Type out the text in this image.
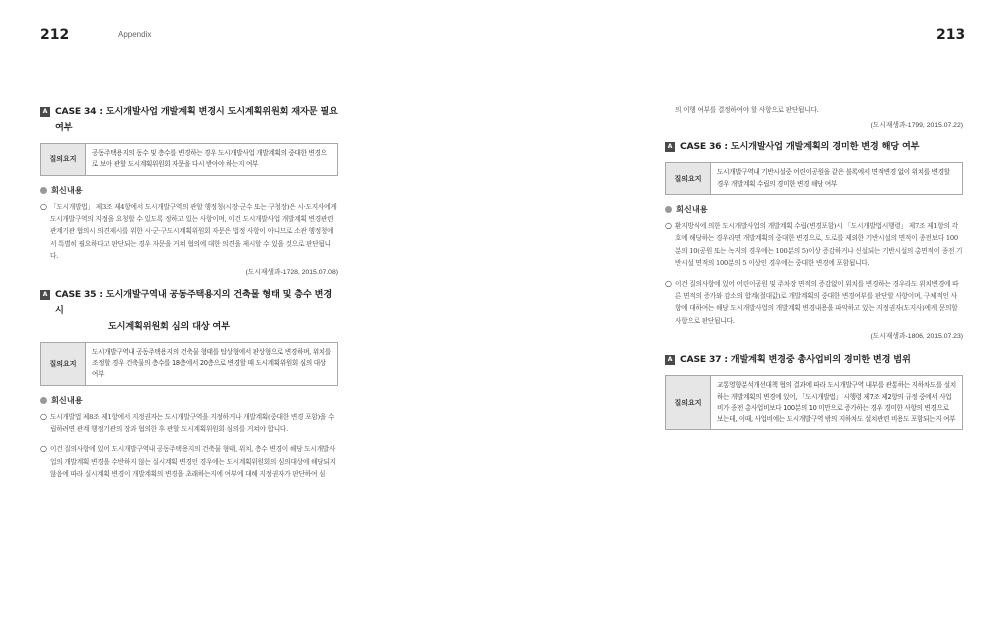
212	Appendix	213
A CASE 34 : 도시개발사업 개발계획 변경시 도시계획위원회 재자문 필요 여부
질의요지
공동주택용지의 동수 및 층수를 변경하는 경우 도시개발사업 개발계획의 중대한 변경으로 보아 관할 도시계획위원회 자문을 다시 받아야 하는지 여부
회신내용
○ 「도시개발법」 제3조 제4항에서 도시개발구역의 관할 행정청(시장·군수 또는 구청장)은 시·도지사에게 도시개발구역의 지정을 요청할 수 있도록 정하고 있는 사항이며, 이건 도시개발사업 개발계획 변경관련 관계기관 협의시 의견제시를 위한 시·군·구도시계획위원회 자문은 법정 사항이 아니므로 소관 행정청에서 특별히 필요하다고 판단되는 경우 자문을 거쳐 협의에 대한 의견을 제시할 수 있을 것으로 판단됩니다.
(도시재생과-1728, 2015.07.08)
A CASE 35 : 도시개발구역내 공동주택용지의 건축물 형태 및 층수 변경시
도시계획위원회 심의 대상 여부
질의요지
도시개발구역내 공동주택용지의 건축물 형태를 탑상형에서 판상형으로 변경하며, 위치를 조정할 경우 건축물의 층수를 18층에서 20층으로 변경할 때 도시계획위원회 심의 대상 여부
회신내용
○ 도시개발법 제8조 제1항에서 지정권자는 도시개발구역을 지정하거나 개발계획(중대한 변경 포함)을 수립하려면 관계 행정기관의 장과 협의한 후 관할 도시계획위원회 심의를 거쳐야 합니다.
○ 이건 질의사항에 있어 도시개발구역내 공동주택용지의 건축물 형태, 위치, 층수 변경이 해당 도시개발사업의 개발계획 변경을 수반하지 않는 실시계획 변경인 경우에는 도시계획위원회의 심의대상에 해당되지 않음에 따라 실시계획 변경이 개발계획의 변경을 초래하는지에 여부에 대해 지정권자가 판단하여 심
의 이행 여부를 결정하여야 할 사항으로 판단됩니다.
(도시재생과-1799, 2015.07.22)
A CASE 36 : 도시개발사업 개발계획의 경미한 변경 해당 여부
질의요지
도시개발구역내 기반시설중 어린이공원을 같은 블록에서 면적변경 없이 위치를 변경할 경우 개발계획 수립의 경미한 변경 해당 여부
회신내용
○ 환지방식에 의한 도시개발사업의 개발계획 수립(변경포함)시 「도시개발법시행령」 제7조 제1항의 각호에 해당하는 경우라면 개발계획의 중대한 변경으로, 도로를 제외한 기반시설의 면적이 종전보다 100분의 10(공원 또는 녹지의 경우에는 100분의 5)이상 증감하거나 신설되는 기반시설의 총면적이 종전 기반시설 면적의 100분의 5 이상인 경우에는 중대한 변경에 포함됩니다.
○ 이건 질의사항에 있어 어린이공원 및 주차장 면적의 증감없이 위치를 변경하는 경우라도 위치변경에 따른 면적의 증가와 감소의 합계(절대값)로 개발계획의 중대한 변경여부를 판단할 사항이며, 구체적인 사항에 대하여는 해당 도시개발사업의 개발계획 변경내용을 파악하고 있는 지정권자(도지사)에게 문의할 사항으로 판단됩니다.
(도시재생과-1806, 2015.07.23)
A CASE 37 : 개발계획 변경중 총사업비의 경미한 변경 범위
질의요지
교통영향분석개선대책 협의 결과에 따라 도시개발구역 내부를 관통하는 지하차도를 설치하는 개발계획의 변경에 있어, 「도시개발법」 시행령 제7조 제2항의 규정 중에서 사업비가 종전 총사업비보다 100분의 10 미만으로 증가하는 경우 경미한 사항의 변경으로 보는데, 이때, 사업비에는 도시개발구역 밖의 지하차도 설치관련 비용도 포함되는지 여부
